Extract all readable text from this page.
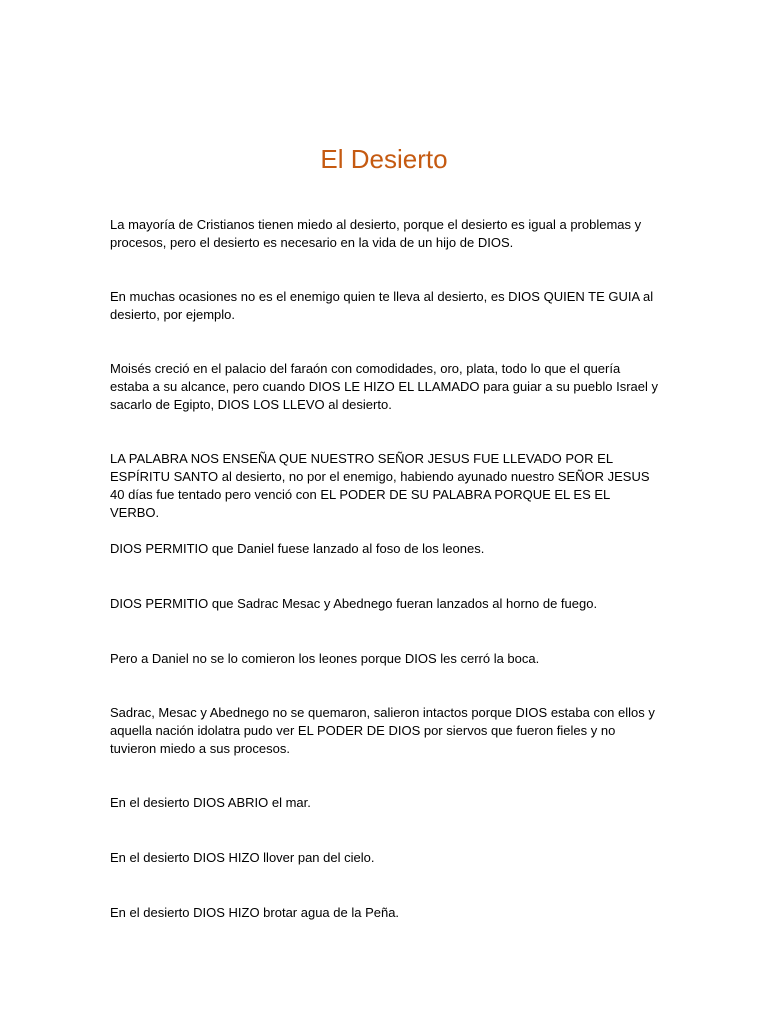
El Desierto

La mayoría de Cristianos tienen miedo al desierto, porque el desierto es igual a problemas y procesos, pero el desierto es necesario en la vida de un hijo de DIOS.

En muchas ocasiones no es el enemigo quien te lleva al desierto, es DIOS QUIEN TE GUIA al desierto, por ejemplo.

Moisés creció en el palacio del faraón con comodidades, oro, plata, todo lo que el quería estaba a su alcance, pero cuando DIOS LE HIZO EL LLAMADO para guiar a su pueblo Israel y sacarlo de Egipto, DIOS LOS LLEVO al desierto.

LA PALABRA NOS ENSEÑA QUE NUESTRO SEÑOR JESUS FUE LLEVADO POR EL ESPÍRITU SANTO al desierto, no por el enemigo, habiendo ayunado nuestro SEÑOR JESUS 40 días fue tentado pero venció con EL PODER DE SU PALABRA PORQUE EL ES EL VERBO.

DIOS PERMITIO que Daniel fuese lanzado al foso de los leones.

DIOS PERMITIO que Sadrac Mesac y Abednego fueran lanzados al horno de fuego.

Pero a Daniel no se lo comieron los leones porque DIOS les cerró la boca.

Sadrac, Mesac y Abednego no se quemaron, salieron intactos porque DIOS estaba con ellos y aquella nación idolatra pudo ver EL PODER DE DIOS por siervos que fueron fieles y no tuvieron miedo a sus procesos.

En el desierto DIOS ABRIO el mar.

En el desierto DIOS HIZO llover pan del cielo.

En el desierto DIOS HIZO brotar agua de la Peña.
